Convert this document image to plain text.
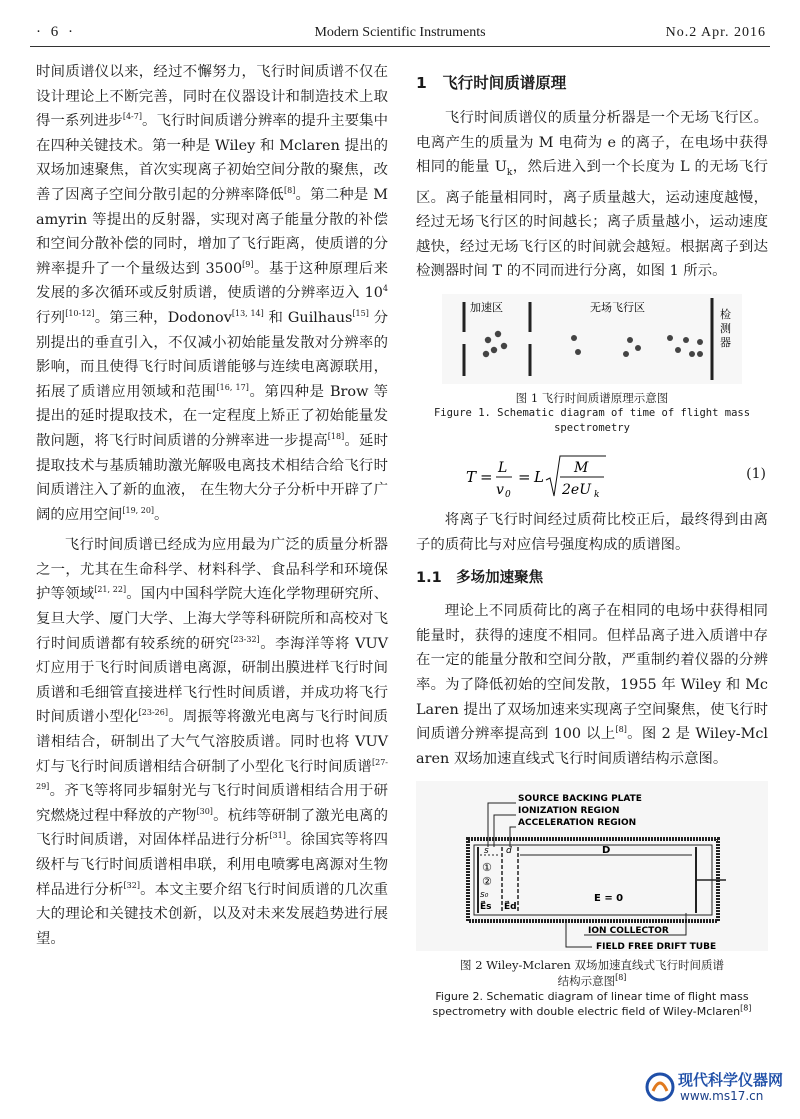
· 6 ·	Modern Scientific Instruments	No.2 Apr. 2016

时间质谱仪以来，经过不懈努力，飞行时间质谱不仅在设计理论上不断完善，同时在仪器设计和制造技术上取得一系列进步[4-7]。飞行时间质谱分辨率的提升主要集中在四种关键技术。第一种是 Wiley 和 Mclaren 提出的双场加速聚焦，首次实现离子初始空间分散的聚焦，改善了因离子空间分散引起的分辨率降低[8]。第二种是 Mamyrin 等提出的反射器，实现对离子能量分散的补偿和空间分散补偿的同时，增加了飞行距离，使质谱的分辨率提升了一个量级达到 3500[9]。基于这种原理后来发展的多次循环或反射质谱，使质谱的分辨率迈入 $10^4$ 行列[10-12]。第三种，Dodonov[13, 14] 和 Guilhaus[15] 分别提出的垂直引入，不仅减小初始能量发散对分辨率的影响，而且使得飞行时间质谱能够与连续电离源联用，拓展了质谱应用领域和范围[16, 17]。第四种是 Brow 等提出的延时提取技术，在一定程度上矫正了初始能量发散问题，将飞行时间质谱的分辨率进一步提高[18]。延时提取技术与基质辅助激光解吸电离技术相结合给飞行时间质谱注入了新的血液， 在生物大分子分析中开辟了广阔的应用空间[19, 20]。

飞行时间质谱已经成为应用最为广泛的质量分析器之一，尤其在生命科学、材料科学、食品科学和环境保护等领域[21, 22]。国内中国科学院大连化学物理研究所、复旦大学、厦门大学、上海大学等科研院所和高校对飞行时间质谱都有较系统的研究[23-32]。李海洋等将 VUV 灯应用于飞行时间质谱电离源，研制出膜进样飞行时间质谱和毛细管直接进样飞行性时间质谱，并成功将飞行时间质谱小型化[23-26]。周振等将激光电离与飞行时间质谱相结合，研制出了大气气溶胶质谱。同时也将 VUV 灯与飞行时间质谱相结合研制了小型化飞行时间质谱[27-29]。齐飞等将同步辐射光与飞行时间质谱相结合用于研究燃烧过程中释放的产物[30]。杭纬等研制了激光电离的飞行时间质谱，对固体样品进行分析[31]。徐国宾等将四级杆与飞行时间质谱相串联，利用电喷雾电离源对生物样品进行分析[32]。本文主要介绍飞行时间质谱的几次重大的理论和关键技术创新，以及对未来发展趋势进行展望。

1　飞行时间质谱原理

飞行时间质谱仪的质量分析器是一个无场飞行区。电离产生的质量为 M 电荷为 e 的离子，在电场中获得相同的能量 $U_k$，然后进入到一个长度为 L 的无场飞行区。离子能量相同时，离子质量越大，运动速度越慢，经过无场飞行区的时间越长；离子质量越小，运动速度越快，经过无场飞行区的时间就会越短。根据离子到达检测器时间 T 的不同而进行分离，如图 1 所示。

加速区	无场飞行区
检
测
器
图 1 飞行时间质谱原理示意图
Figure 1. Schematic diagram of time of flight mass spectrometry
T = L
v 0
= L M
2eU k
(1)

将离子飞行时间经过质荷比校正后，最终得到由离子的质荷比与对应信号强度构成的质谱图。

1.1　多场加速聚焦

理论上不同质荷比的离子在相同的电场中获得相同能量时，获得的速度不相同。但样品离子进入质谱中存在一定的能量分散和空间分散，严重制约着仪器的分辨率。为了降低初始的空间发散，1955 年 Wiley 和 McLaren 提出了双场加速来实现离子空间聚焦，使飞行时间质谱分辨率提高到 100 以上[8]。图 2 是 Wiley-Mclaren 双场加速直线式飞行时间质谱结构示意图。

SOURCE BACKING PLATE
IONIZATION REGION
ACCELERATION REGION
s d	D
①
②
s₀
E⃗s E⃗d
E = 0
ION COLLECTOR
FIELD FREE DRIFT TUBE
图 2 Wiley-Mclaren 双场加速直线式飞行时间质谱
结构示意图[8]
Figure 2. Schematic diagram of linear time of flight mass
spectrometry with double electric field of Wiley-Mclaren[8]
现代科学仪器网
www.ms17.cn
